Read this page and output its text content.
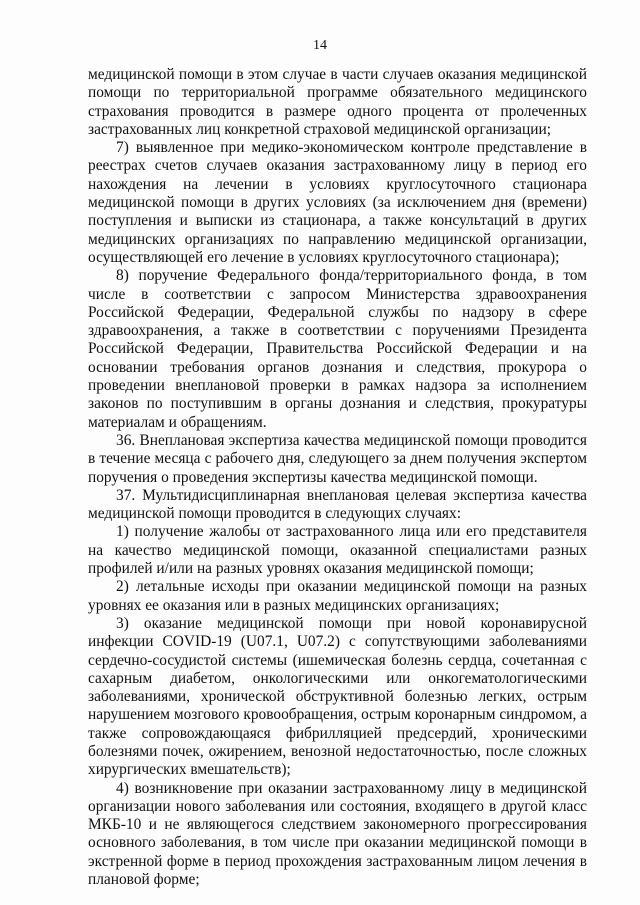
14

медицинской помощи в этом случае в части случаев оказания медицинской помощи по территориальной программе обязательного медицинского страхования проводится в размере одного процента от пролеченных застрахованных лиц конкретной страховой медицинской организации;

7) выявленное при медико-экономическом контроле представление в реестрах счетов случаев оказания застрахованному лицу в период его нахождения на лечении в условиях круглосуточного стационара медицинской помощи в других условиях (за исключением дня (времени) поступления и выписки из стационара, а также консультаций в других медицинских организациях по направлению медицинской организации, осуществляющей его лечение в условиях круглосуточного стационара);

8) поручение Федерального фонда/территориального фонда, в том числе в соответствии с запросом Министерства здравоохранения Российской Федерации, Федеральной службы по надзору в сфере здравоохранения, а также в соответствии с поручениями Президента Российской Федерации, Правительства Российской Федерации и на основании требования органов дознания и следствия, прокурора о проведении внеплановой проверки в рамках надзора за исполнением законов по поступившим в органы дознания и следствия, прокуратуры материалам и обращениям.

36. Внеплановая экспертиза качества медицинской помощи проводится в течение месяца с рабочего дня, следующего за днем получения экспертом поручения о проведения экспертизы качества медицинской помощи.

37. Мультидисциплинарная внеплановая целевая экспертиза качества медицинской помощи проводится в следующих случаях:

1) получение жалобы от застрахованного лица или его представителя на качество медицинской помощи, оказанной специалистами разных профилей и/или на разных уровнях оказания медицинской помощи;

2) летальные исходы при оказании медицинской помощи на разных уровнях ее оказания или в разных медицинских организациях;

3) оказание медицинской помощи при новой коронавирусной инфекции COVID-19 (U07.1, U07.2) с сопутствующими заболеваниями сердечно-сосудистой системы (ишемическая болезнь сердца, сочетанная с сахарным диабетом, онкологическими или онкогематологическими заболеваниями, хронической обструктивной болезнью легких, острым нарушением мозгового кровообращения, острым коронарным синдромом, а также сопровождающаяся фибрилляцией предсердий, хроническими болезнями почек, ожирением, венозной недостаточностью, после сложных хирургических вмешательств);

4) возникновение при оказании застрахованному лицу в медицинской организации нового заболевания или состояния, входящего в другой класс МКБ-10 и не являющегося следствием закономерного прогрессирования основного заболевания, в том числе при оказании медицинской помощи в экстренной форме в период прохождения застрахованным лицом лечения в плановой форме;
